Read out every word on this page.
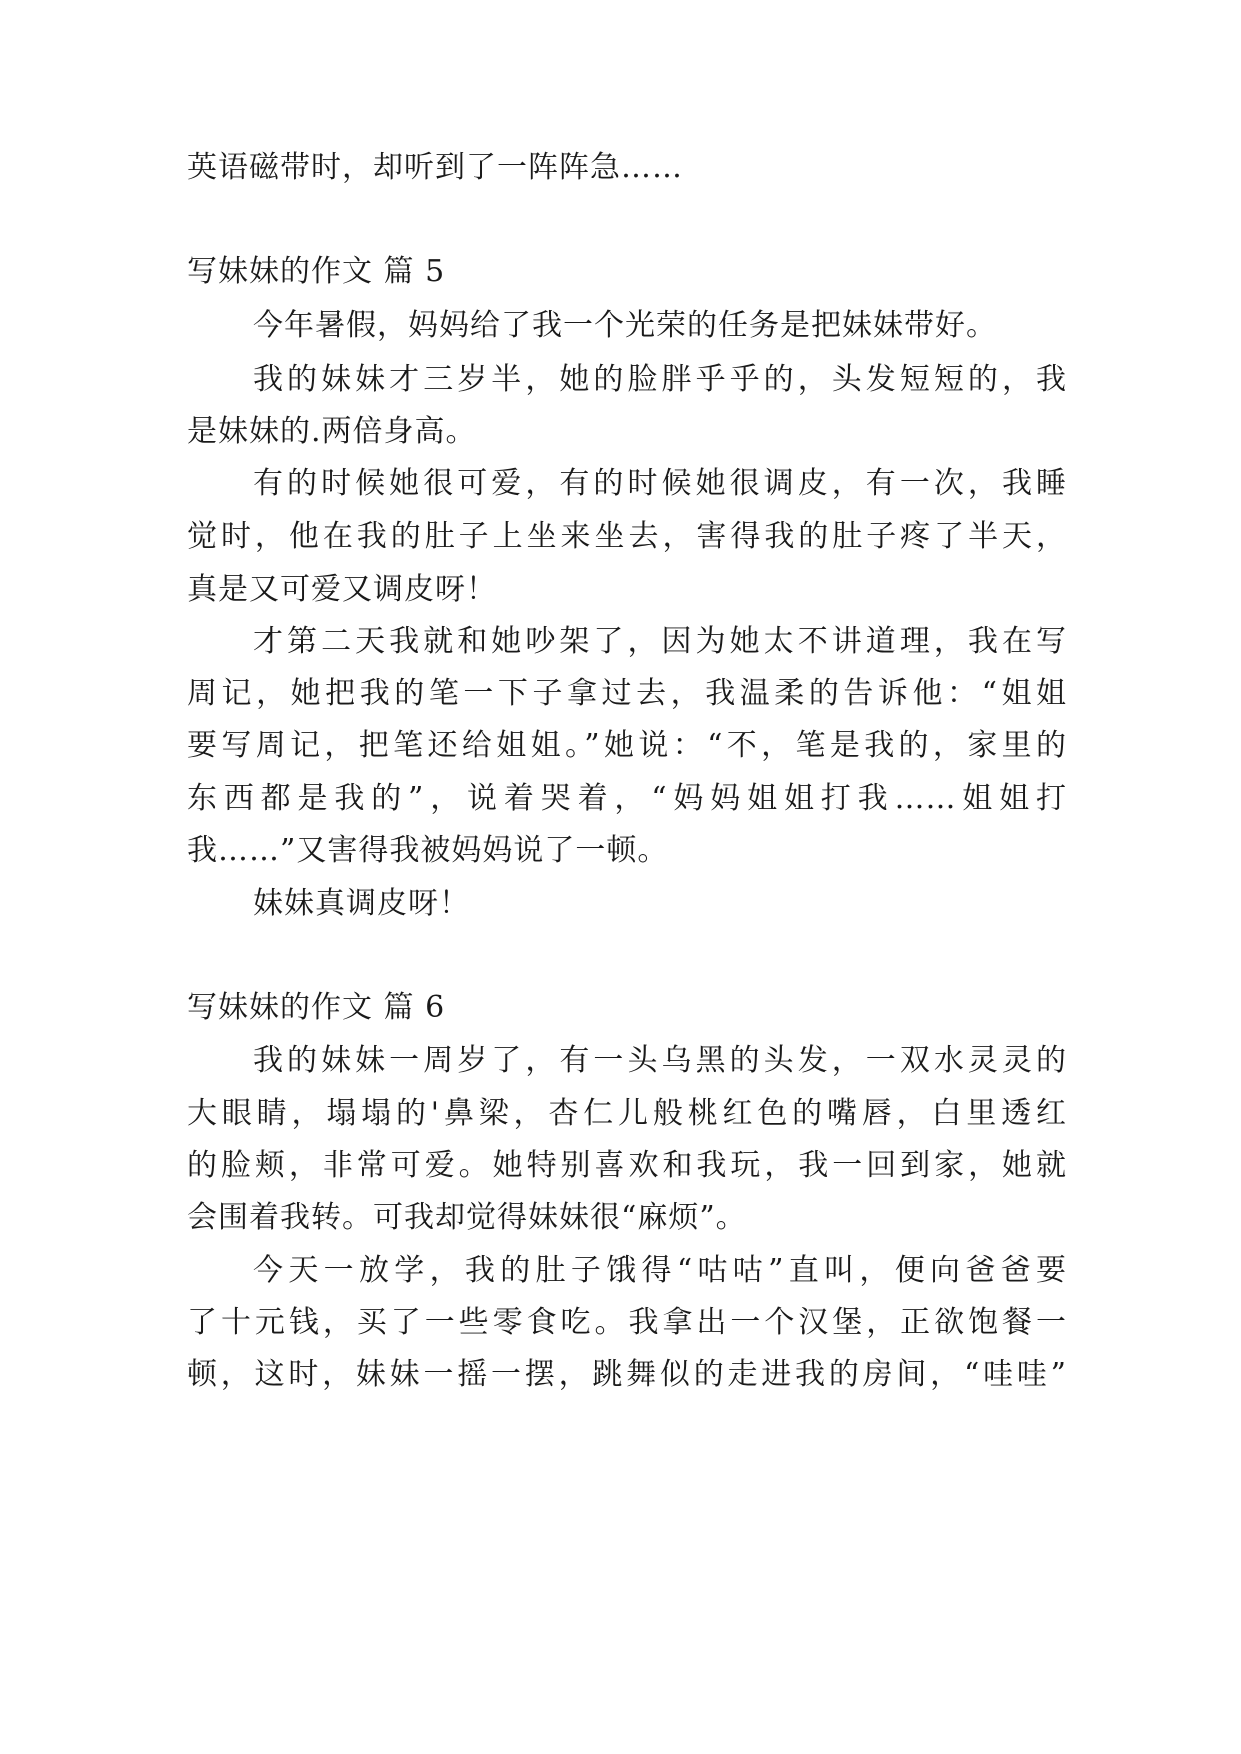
英语磁带时，却听到了一阵阵急……
写妹妹的作文 篇 5
今年暑假，妈妈给了我一个光荣的任务是把妹妹带好。
我的妹妹才三岁半，她的脸胖乎乎的，头发短短的，我
是妹妹的.两倍身高。
有的时候她很可爱，有的时候她很调皮，有一次，我睡
觉时，他在我的肚子上坐来坐去，害得我的肚子疼了半天，
真是又可爱又调皮呀！
才第二天我就和她吵架了，因为她太不讲道理，我在写
周记，她把我的笔一下子拿过去，我温柔的告诉他：“姐姐
要写周记，把笔还给姐姐。”她说：“不，笔是我的，家里的
东西都是我的”，说着哭着，“妈妈姐姐打我……姐姐打
我……”又害得我被妈妈说了一顿。
妹妹真调皮呀！
写妹妹的作文 篇 6
我的妹妹一周岁了，有一头乌黑的头发，一双水灵灵的
大眼睛，塌塌的'鼻梁，杏仁儿般桃红色的嘴唇，白里透红
的脸颊，非常可爱。她特别喜欢和我玩，我一回到家，她就
会围着我转。可我却觉得妹妹很“麻烦”。
今天一放学，我的肚子饿得“咕咕”直叫，便向爸爸要
了十元钱，买了一些零食吃。我拿出一个汉堡，正欲饱餐一
顿，这时，妹妹一摇一摆，跳舞似的走进我的房间，“哇哇”
